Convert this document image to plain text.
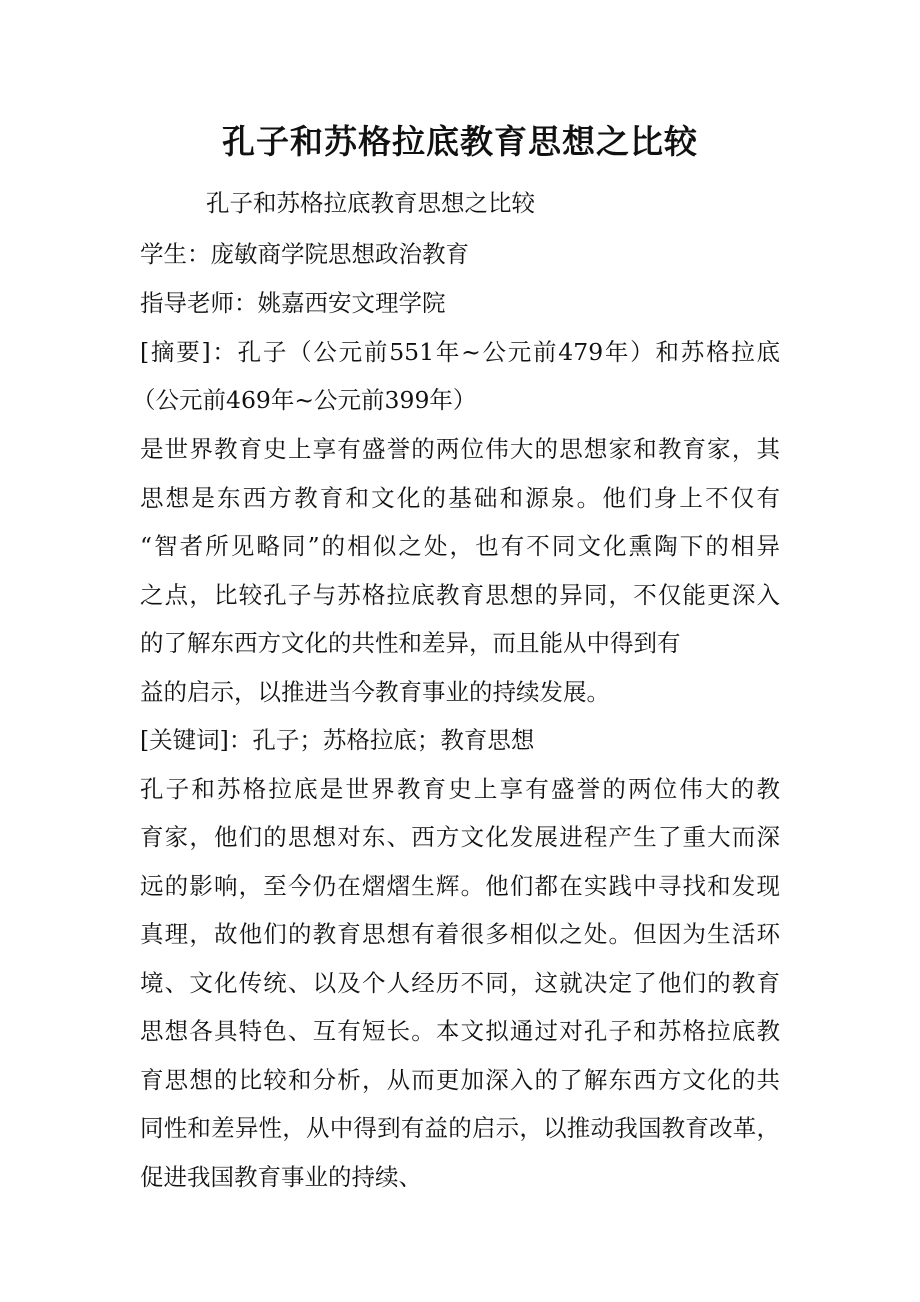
孔子和苏格拉底教育思想之比较
孔子和苏格拉底教育思想之比较
学生：庞敏商学院思想政治教育
指导老师：姚嘉西安文理学院
[摘要]：孔子（公元前551年~公元前479年）和苏格拉底
（公元前469年~公元前399年）
是世界教育史上享有盛誉的两位伟大的思想家和教育家，其
思想是东西方教育和文化的基础和源泉。他们身上不仅有
“智者所见略同”的相似之处，也有不同文化熏陶下的相异
之点，比较孔子与苏格拉底教育思想的异同，不仅能更深入
的了解东西方文化的共性和差异，而且能从中得到有
益的启示，以推进当今教育事业的持续发展。
[关键词]：孔子；苏格拉底；教育思想
孔子和苏格拉底是世界教育史上享有盛誉的两位伟大的教
育家，他们的思想对东、西方文化发展进程产生了重大而深
远的影响，至今仍在熠熠生辉。他们都在实践中寻找和发现
真理，故他们的教育思想有着很多相似之处。但因为生活环
境、文化传统、以及个人经历不同，这就决定了他们的教育
思想各具特色、互有短长。本文拟通过对孔子和苏格拉底教
育思想的比较和分析，从而更加深入的了解东西方文化的共
同性和差异性，从中得到有益的启示，以推动我国教育改革，
促进我国教育事业的持续、
